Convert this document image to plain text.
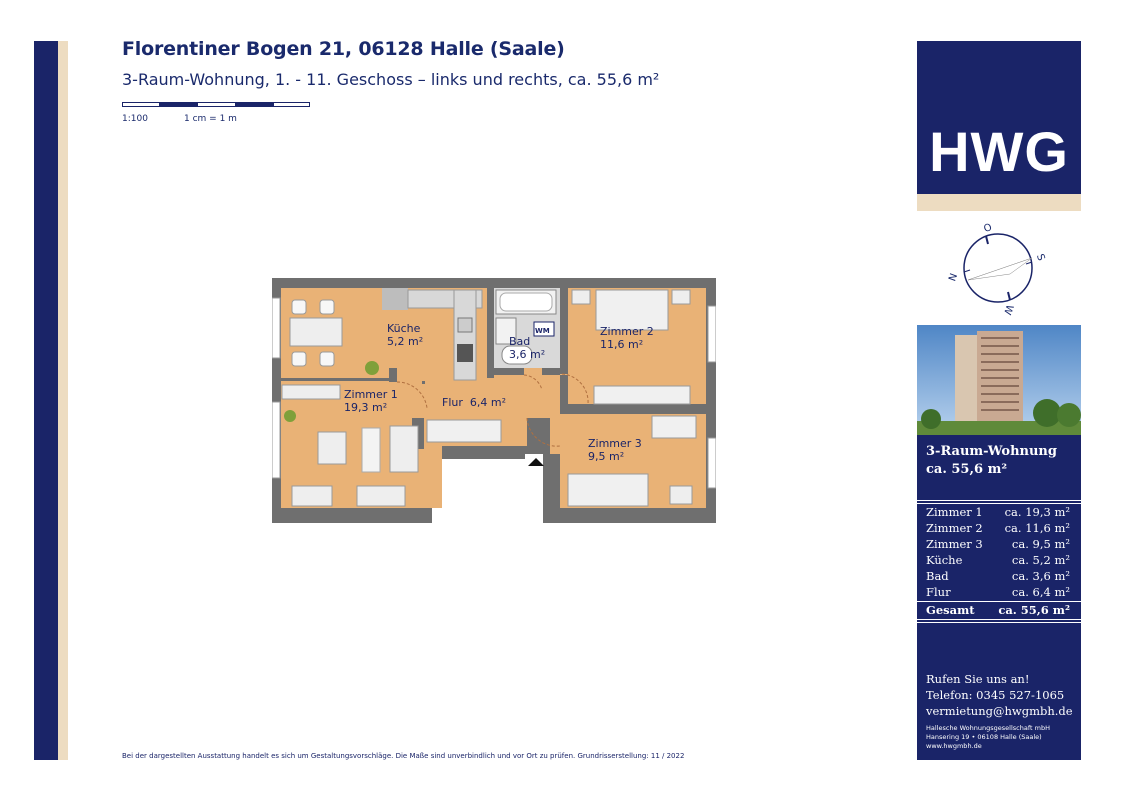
Florentiner Bogen 21, 06128 Halle (Saale)
3-Raum-Wohnung, 1. - 11. Geschoss – links und rechts, ca. 55,6 m²
1:100	1 cm = 1 m
Küche
5,2 m²	Bad
3,6 m²
WM	Zimmer 2
11,6 m²
Zimmer 1
19,3 m²	Flur 6,4 m²
Zimmer 3
9,5 m²
HWG
O
S
N
W
3-Raum-Wohnung
ca. 55,6 m²
Zimmer 1 ca. 19,3 m²
Zimmer 2 ca. 11,6 m²
Zimmer 3	ca. 9,5 m²
Küche	ca. 5,2 m²
Bad	ca. 3,6 m²
Flur	ca. 6,4 m²
Gesamt ca. 55,6 m²
Rufen Sie uns an!
Telefon: 0345 527-1065
vermietung@hwgmbh.de
Hallesche Wohnungsgesellschaft mbH
Hansering 19 • 06108 Halle (Saale)
www.hwgmbh.de
Bei der dargestellten Ausstattung handelt es sich um Gestaltungsvorschläge. Die Maße sind unverbindlich und vor Ort zu prüfen. Grundrisserstellung: 11 / 2022
